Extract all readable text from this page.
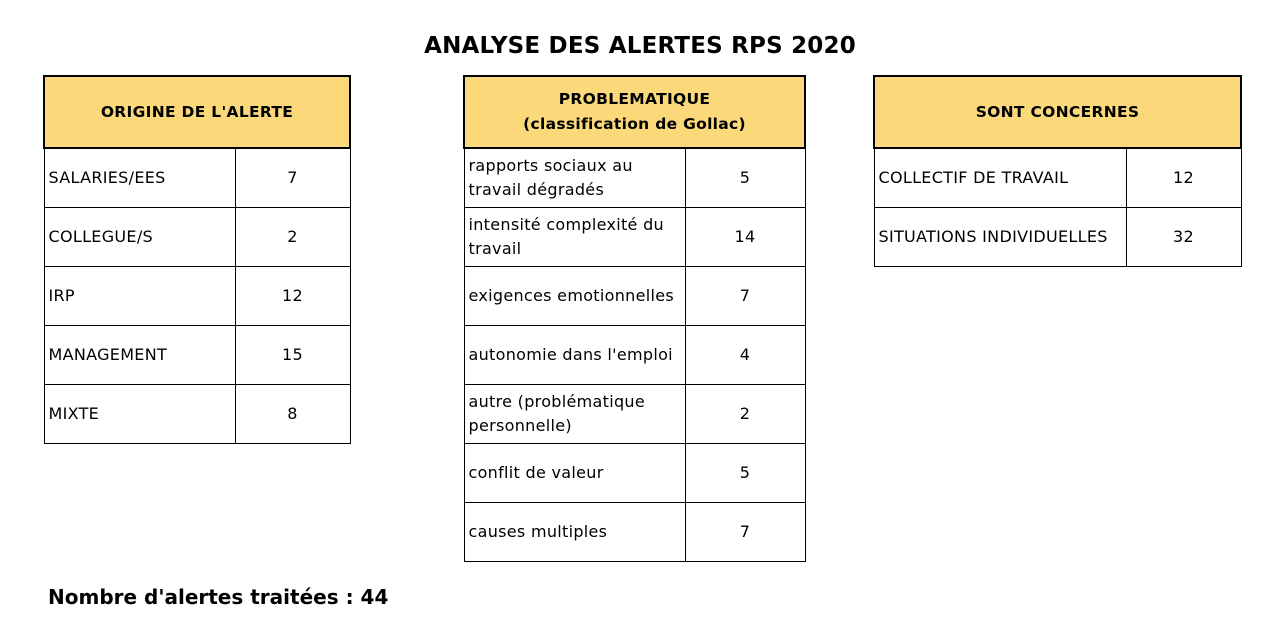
ANALYSE DES ALERTES RPS 2020
ORIGINE DE L'ALERTE	
SALARIES/EES	7
COLLEGUE/S	2
IRP	12
MANAGEMENT	15
MIXTE	8
PROBLEMATIQUE
(classification de Gollac)	

rapports sociaux au travail dégradés	5
intensité complexité du travail	14
exigences emotionnelles	7
autonomie dans l'emploi	4
autre (problématique personnelle)	2
conflit de valeur	5
causes multiples	7
SONT CONCERNES	
COLLECTIF DE TRAVAIL	12
SITUATIONS INDIVIDUELLES	32
Nombre d'alertes traitées : 44
